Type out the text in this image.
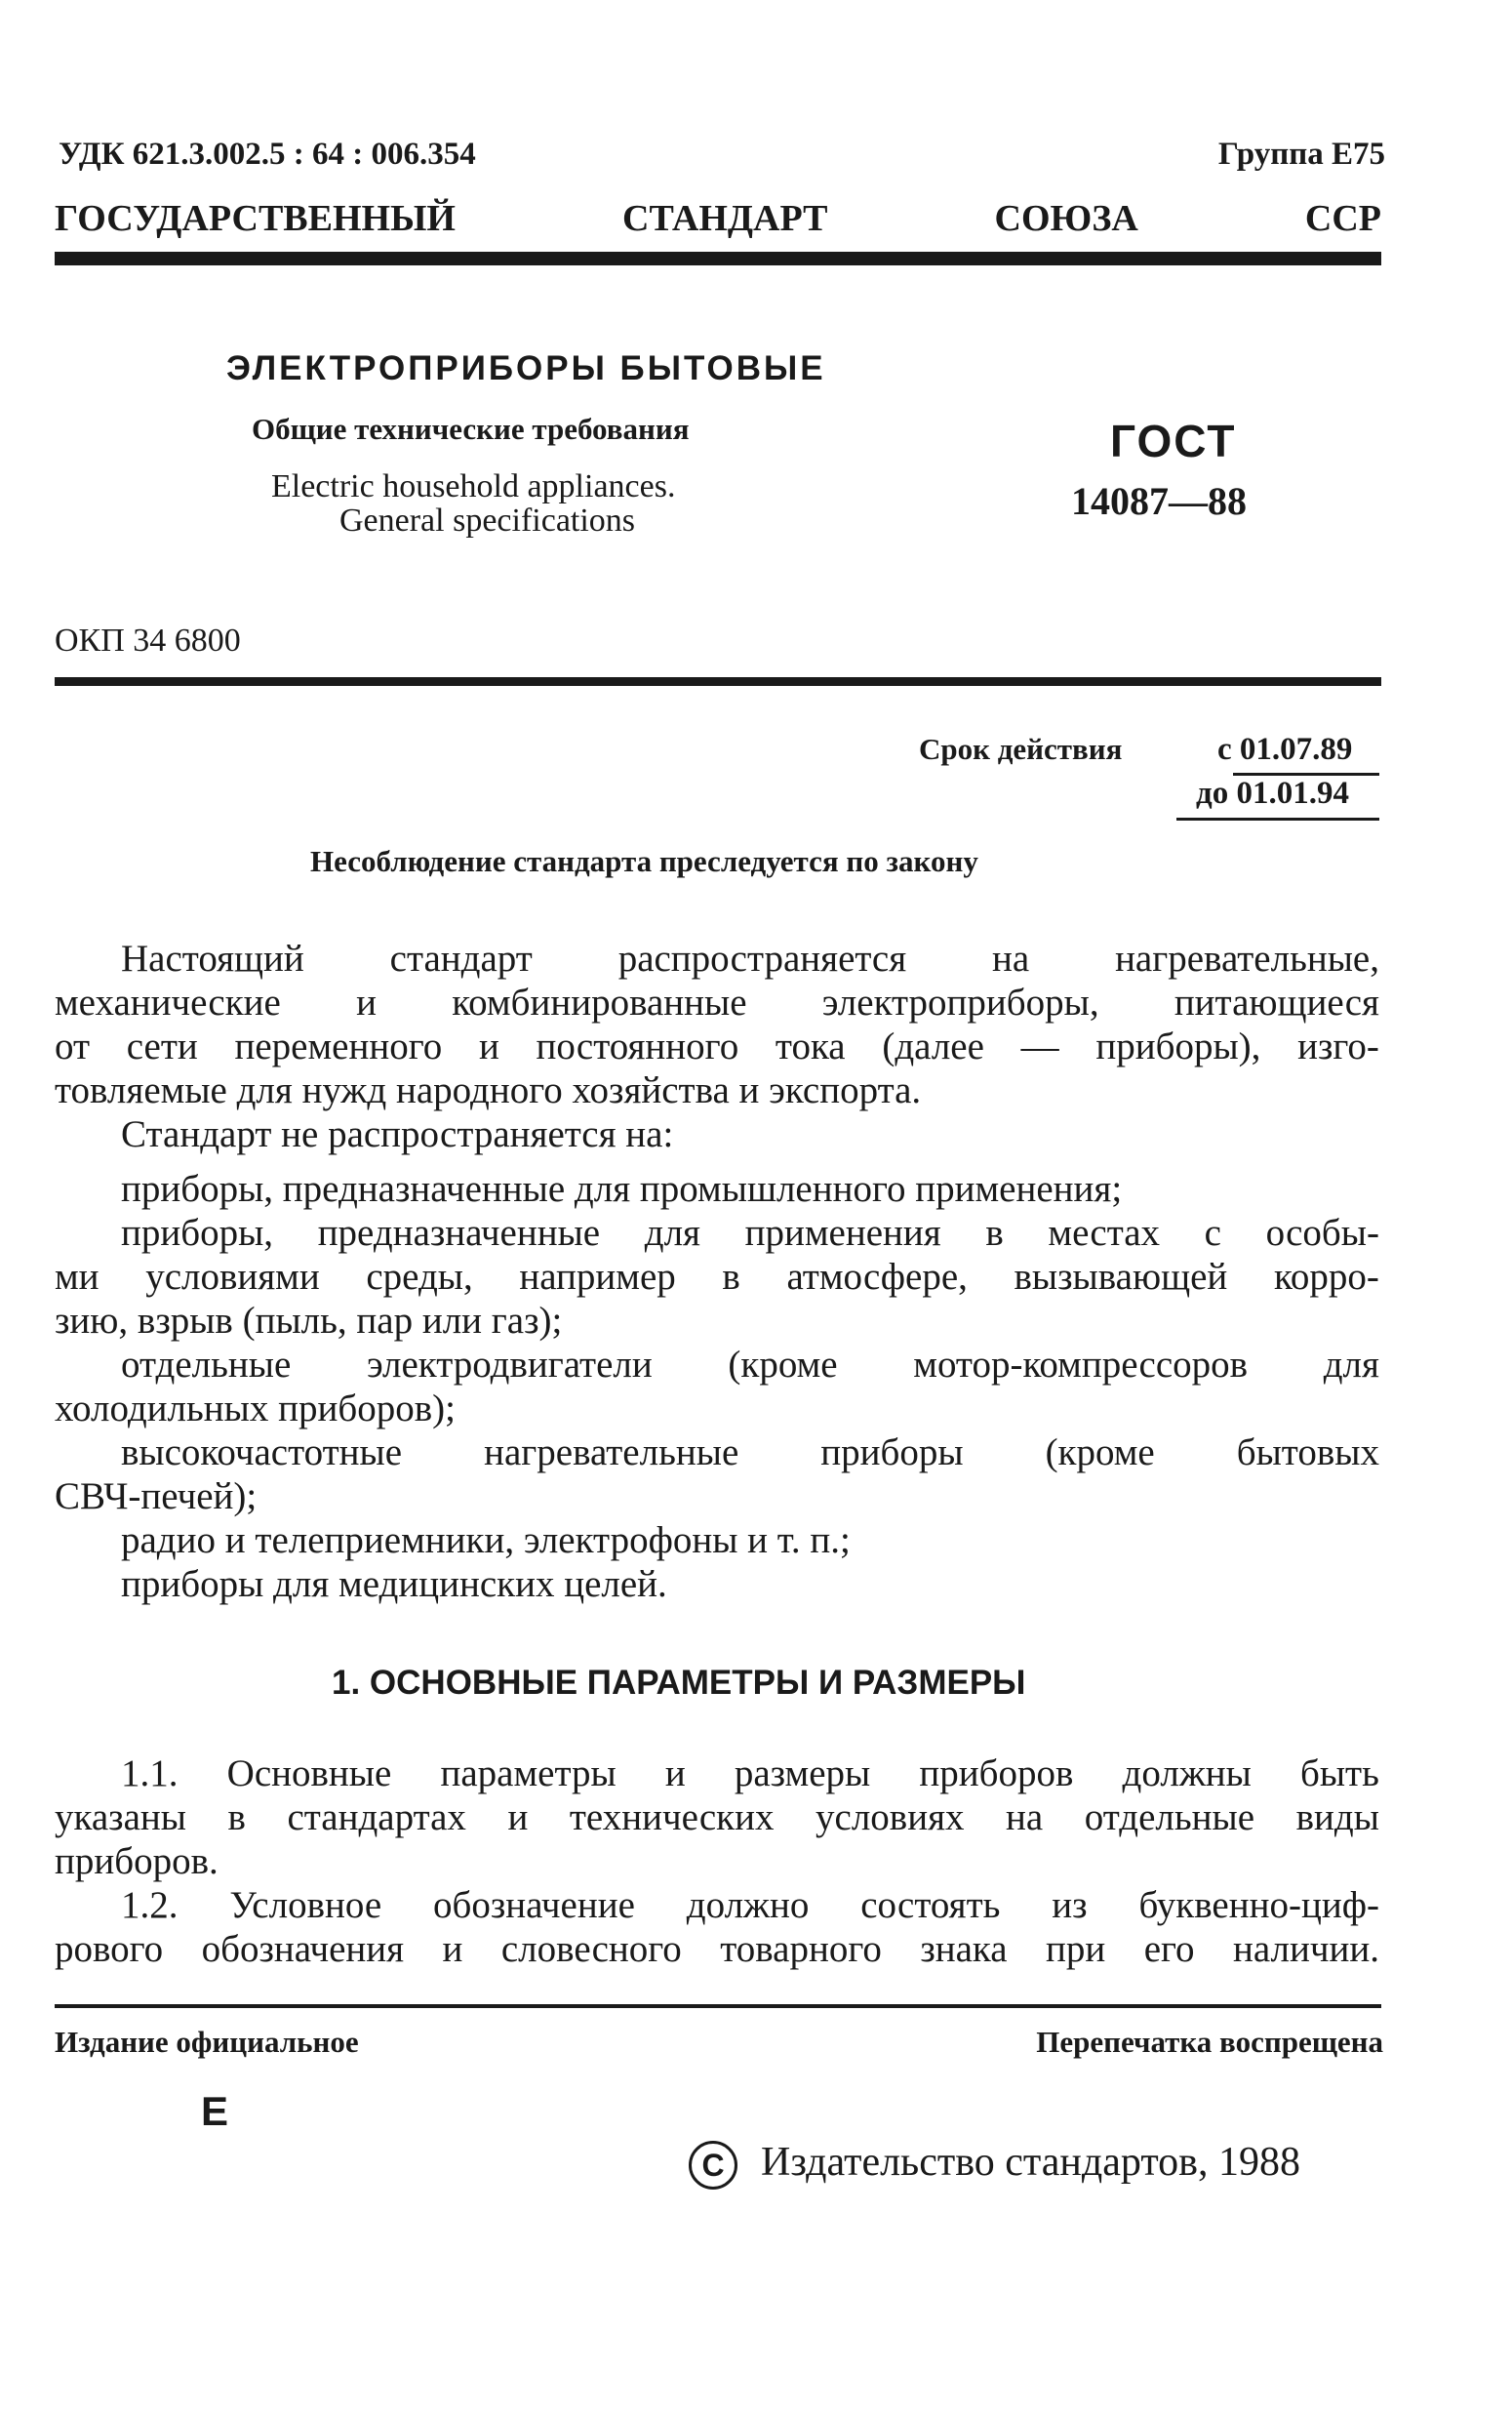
УДК 621.3.002.5 : 64 : 006.354	Группа Е75
ГОСУДАРСТВЕННЫЙ	СТАНДАРТ	СОЮЗА	ССР
ЭЛЕКТРОПРИБОРЫ БЫТОВЫЕ
Общие технические требования
Electric household appliances.
General specifications
ГОСТ
14087—88
ОКП 34 6800
Срок действия	с 01.07.89
до 01.01.94
Несоблюдение стандарта преследуется по закону
Настоящий стандарт распространяется на нагревательные,
механические и комбинированные электроприборы, питающиеся
от сети переменного и постоянного тока (далее — приборы), изго-
товляемые для нужд народного хозяйства и экспорта.
Стандарт не распространяется на:
приборы, предназначенные для промышленного применения;
приборы, предназначенные для применения в местах с особы-
ми условиями среды, например в атмосфере, вызывающей корро-
зию, взрыв (пыль, пар или газ);
отдельные электродвигатели (кроме мотор-компрессоров для
холодильных приборов);
высокочастотные нагревательные приборы (кроме бытовых
СВЧ-печей);
радио и телеприемники, электрофоны и т. п.;
приборы для медицинских целей.
1. ОСНОВНЫЕ ПАРАМЕТРЫ И РАЗМЕРЫ
1.1. Основные параметры и размеры приборов должны быть
указаны в стандартах и технических условиях на отдельные виды
приборов.
1.2. Условное обозначение должно состоять из буквенно-циф-
рового обозначения и словесного товарного знака при его наличии.
Издание официальное	Перепечатка воспрещена
Е
C Издательство стандартов, 1988
